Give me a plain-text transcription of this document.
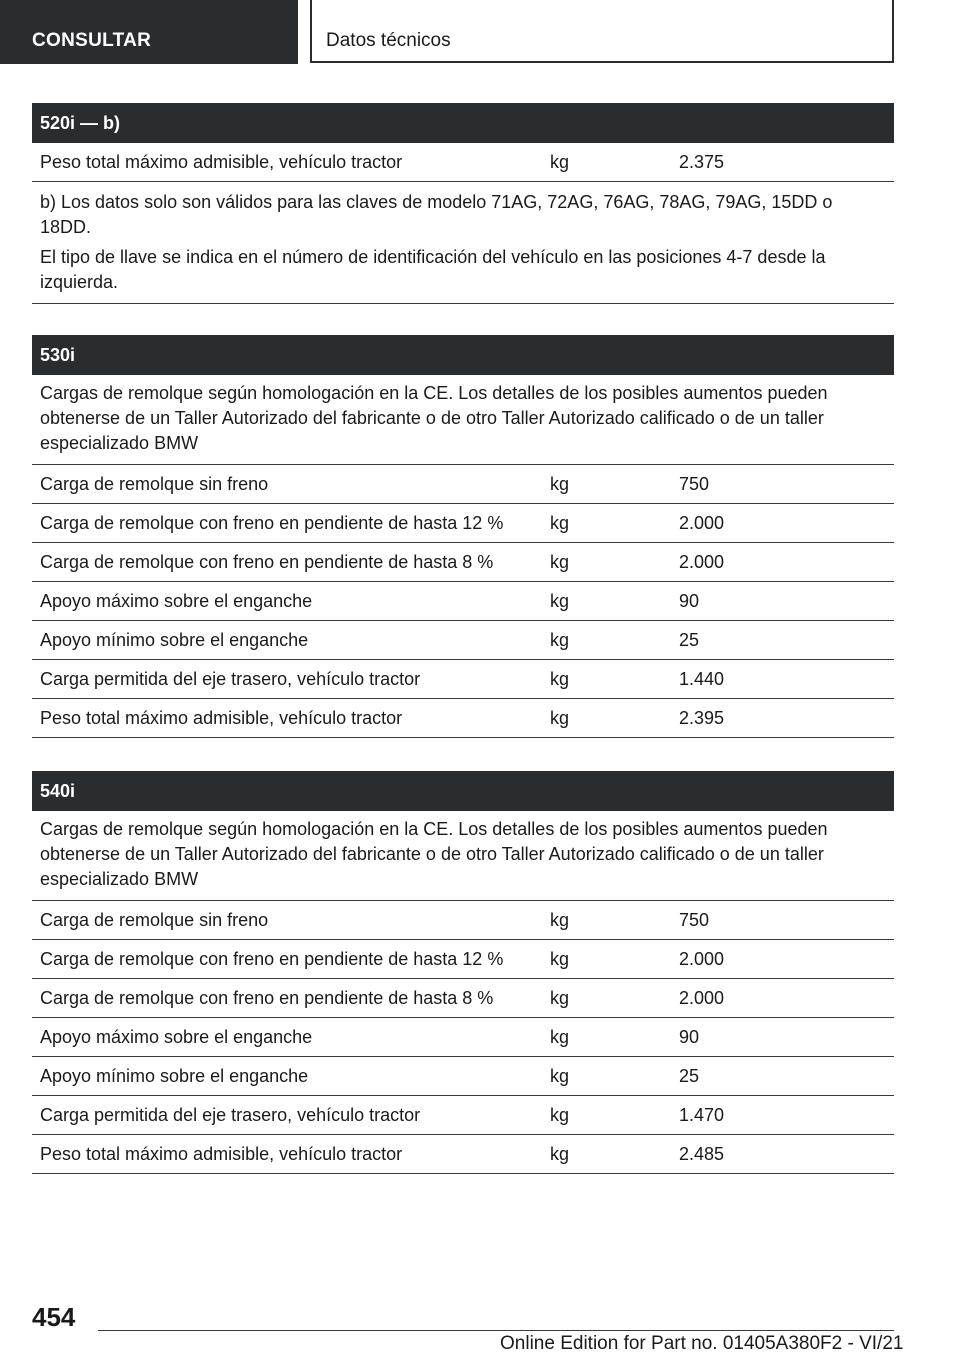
CONSULTAR	Datos técnicos
520i — b)
Peso total máximo admisible, vehículo tractor	kg	2.375

b) Los datos solo son válidos para las claves de modelo 71AG, 72AG, 76AG, 78AG, 79AG, 15DD o 18DD.

El tipo de llave se indica en el número de identificación del vehículo en las posiciones 4-7 desde la izquierda.

530i
Cargas de remolque según homologación en la CE. Los detalles de los posibles aumentos pueden obtenerse de un Taller Autorizado del fabricante o de otro Taller Autorizado calificado o de un taller especializado BMW
Carga de remolque sin freno	kg	750
Carga de remolque con freno en pendiente de hasta 12 %	kg	2.000
Carga de remolque con freno en pendiente de hasta 8 %	kg	2.000
Apoyo máximo sobre el enganche	kg	90
Apoyo mínimo sobre el enganche	kg	25
Carga permitida del eje trasero, vehículo tractor	kg	1.440
Peso total máximo admisible, vehículo tractor	kg	2.395
540i
Cargas de remolque según homologación en la CE. Los detalles de los posibles aumentos pueden obtenerse de un Taller Autorizado del fabricante o de otro Taller Autorizado calificado o de un taller especializado BMW
Carga de remolque sin freno	kg	750
Carga de remolque con freno en pendiente de hasta 12 %	kg	2.000
Carga de remolque con freno en pendiente de hasta 8 %	kg	2.000
Apoyo máximo sobre el enganche	kg	90
Apoyo mínimo sobre el enganche	kg	25
Carga permitida del eje trasero, vehículo tractor	kg	1.470
Peso total máximo admisible, vehículo tractor	kg	2.485
454
Online Edition for Part no. 01405A380F2 - VI/21
